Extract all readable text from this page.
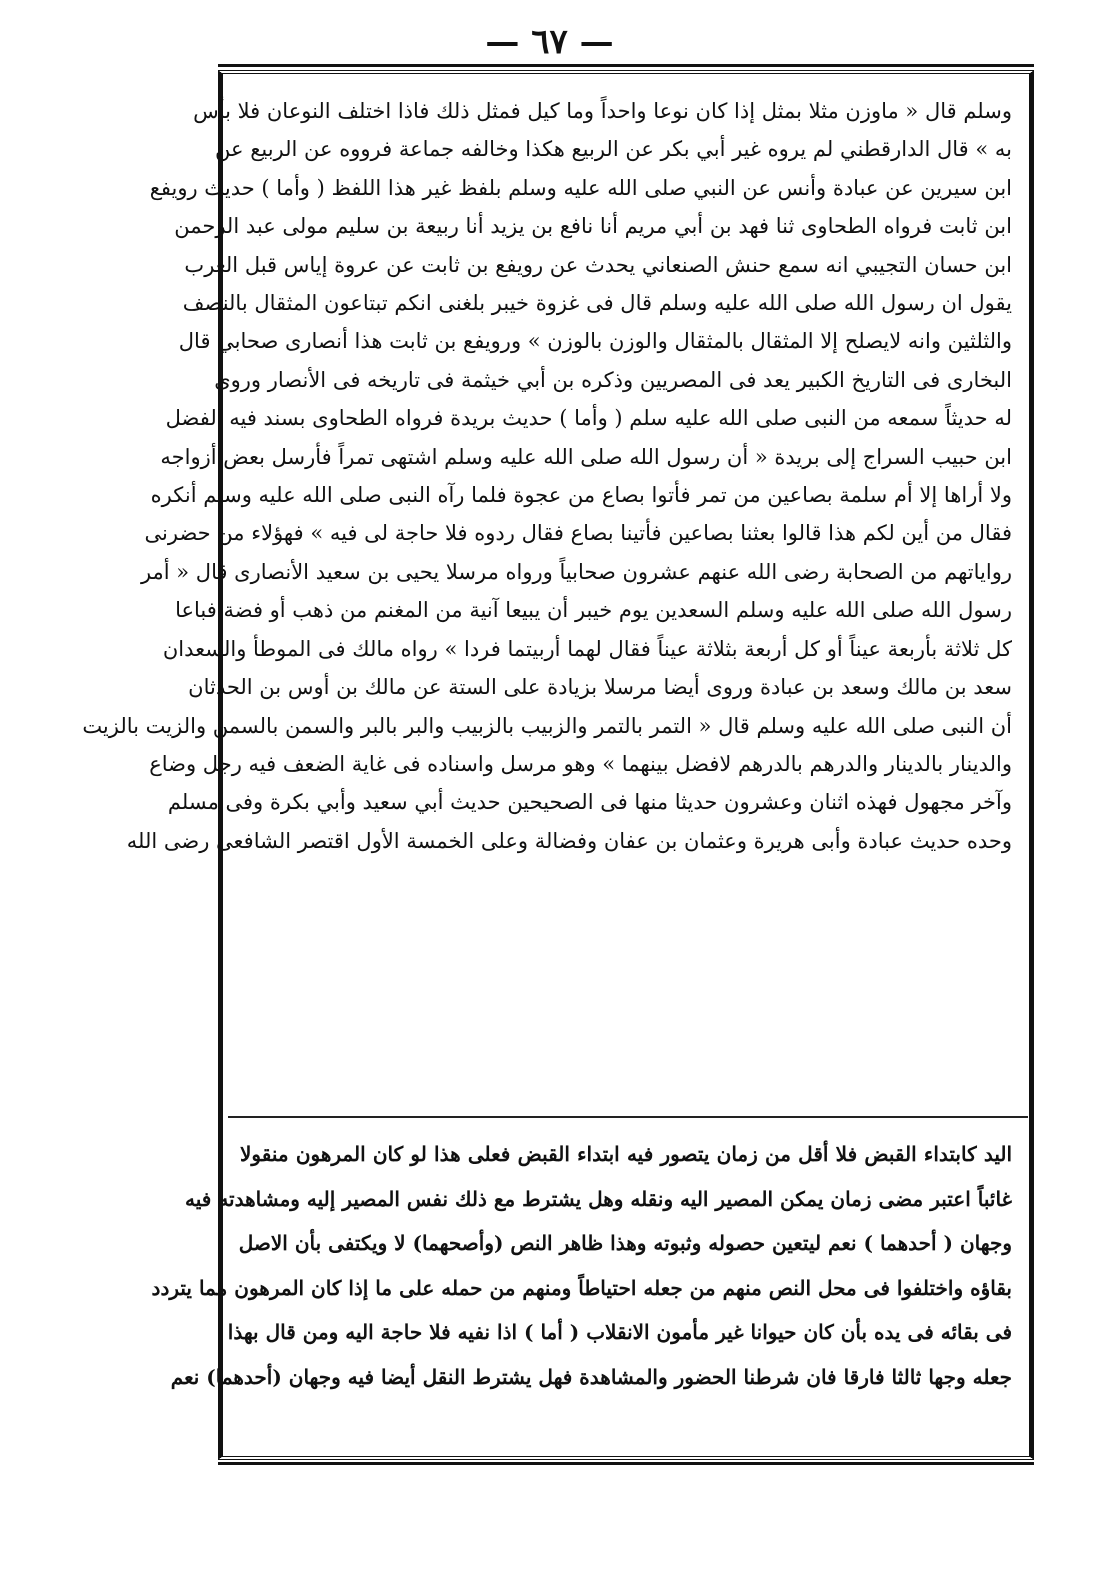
— ٦٧ —
وسلم قال « ماوزن مثلا بمثل إذا كان نوعا واحداً وما كيل فمثل ذلك فاذا اختلف النوعان فلا بأس
به » قال الدارقطني لم يروه غير أبي بكر عن الربيع هكذا وخالفه جماعة فرووه عن الربيع عن
ابن سيرين عن عبادة وأنس عن النبي صلى الله عليه وسلم بلفظ غير هذا اللفظ ( وأما ) حديث رويفع
ابن ثابت فرواه الطحاوى ثنا فهد بن أبي مريم أنا نافع بن يزيد أنا ربيعة بن سليم مولى عبد الرحمن
ابن حسان التجيبي انه سمع حنش الصنعاني يحدث عن رويفع بن ثابت عن عروة إياس قبل العرب
يقول ان رسول الله صلى الله عليه وسلم قال فى غزوة خيبر بلغنى انكم تبتاعون المثقال بالنصف
والثلثين وانه لايصلح إلا المثقال بالمثقال والوزن بالوزن » ورويفع بن ثابت هذا أنصارى صحابي قال
البخارى فى التاريخ الكبير يعد فى المصريين وذكره بن أبي خيثمة فى تاريخه فى الأنصار وروى
له حديثاً سمعه من النبى صلى الله عليه سلم ( وأما ) حديث بريدة فرواه الطحاوى بسند فيه الفضل
ابن حبيب السراج إلى بريدة « أن رسول الله صلى الله عليه وسلم اشتهى تمراً فأرسل بعض أزواجه
ولا أراها إلا أم سلمة بصاعين من تمر فأتوا بصاع من عجوة فلما رآه النبى صلى الله عليه وسلم أنكره
فقال من أين لكم هذا قالوا بعثنا بصاعين فأتينا بصاع فقال ردوه فلا حاجة لى فيه » فهؤلاء من حضرنى
رواياتهم من الصحابة رضى الله عنهم عشرون صحابياً ورواه مرسلا يحيى بن سعيد الأنصارى قال « أمر
رسول الله صلى الله عليه وسلم السعدين يوم خيبر أن يبيعا آنية من المغنم من ذهب أو فضة فباعا
كل ثلاثة بأربعة عيناً أو كل أربعة بثلاثة عيناً فقال لهما أربيتما فردا » رواه مالك فى الموطأ والسعدان
سعد بن مالك وسعد بن عبادة وروى أيضا مرسلا بزيادة على الستة عن مالك بن أوس بن الحدثان
أن النبى صلى الله عليه وسلم قال « التمر بالتمر والزبيب بالزبيب والبر بالبر والسمن بالسمن والزيت بالزيت
والدينار بالدينار والدرهم بالدرهم لافضل بينهما » وهو مرسل واسناده فى غاية الضعف فيه رجل وضاع
وآخر مجهول فهذه اثنان وعشرون حديثا منها فى الصحيحين حديث أبي سعيد وأبي بكرة وفى مسلم
وحده حديث عبادة وأبى هريرة وعثمان بن عفان وفضالة وعلى الخمسة الأول اقتصر الشافعى رضى الله
اليد كابتداء القبض فلا أقل من زمان يتصور فيه ابتداء القبض فعلى هذا لو كان المرهون منقولا
غائباً اعتبر مضى زمان يمكن المصير اليه ونقله وهل يشترط مع ذلك نفس المصير إليه ومشاهدته فيه
وجهان ( أحدهما ) نعم ليتعين حصوله وثبوته وهذا ظاهر النص (وأصحهما) لا ويكتفى بأن الاصل
بقاؤه واختلفوا فى محل النص منهم من جعله احتياطاً ومنهم من حمله على ما إذا كان المرهون مما يتردد
فى بقائه فى يده بأن كان حيوانا غير مأمون الانقلاب ( أما ) اذا نفيه فلا حاجة اليه ومن قال بهذا
جعله وجها ثالثا فارقا فان شرطنا الحضور والمشاهدة فهل يشترط النقل أيضا فيه وجهان (أحدهما) نعم
